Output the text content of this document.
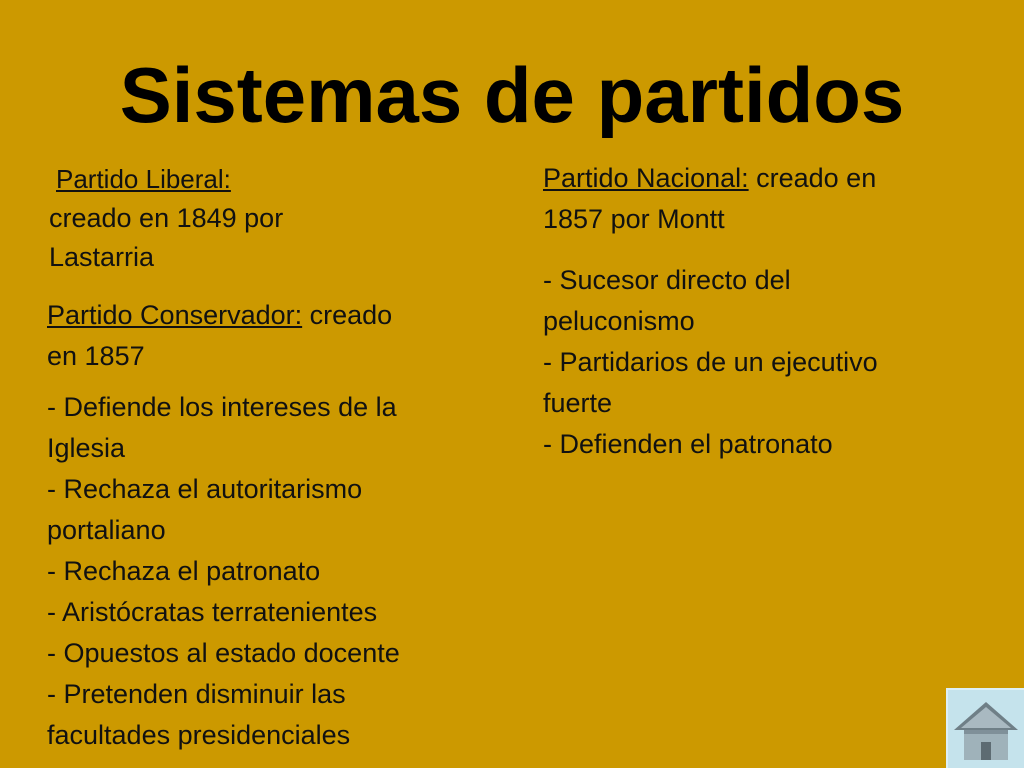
Sistemas de partidos
Partido Liberal:

creado en 1849 por

Lastarria

Partido Conservador: creado

en 1857

- Defiende los intereses de la

Iglesia

- Rechaza el autoritarismo

portaliano

- Rechaza el patronato

- Aristócratas terratenientes

- Opuestos al estado docente

- Pretenden disminuir las

facultades presidenciales

Partido Nacional: creado en

1857 por Montt

- Sucesor directo del

peluconismo

- Partidarios de un ejecutivo

fuerte

- Defienden el patronato
